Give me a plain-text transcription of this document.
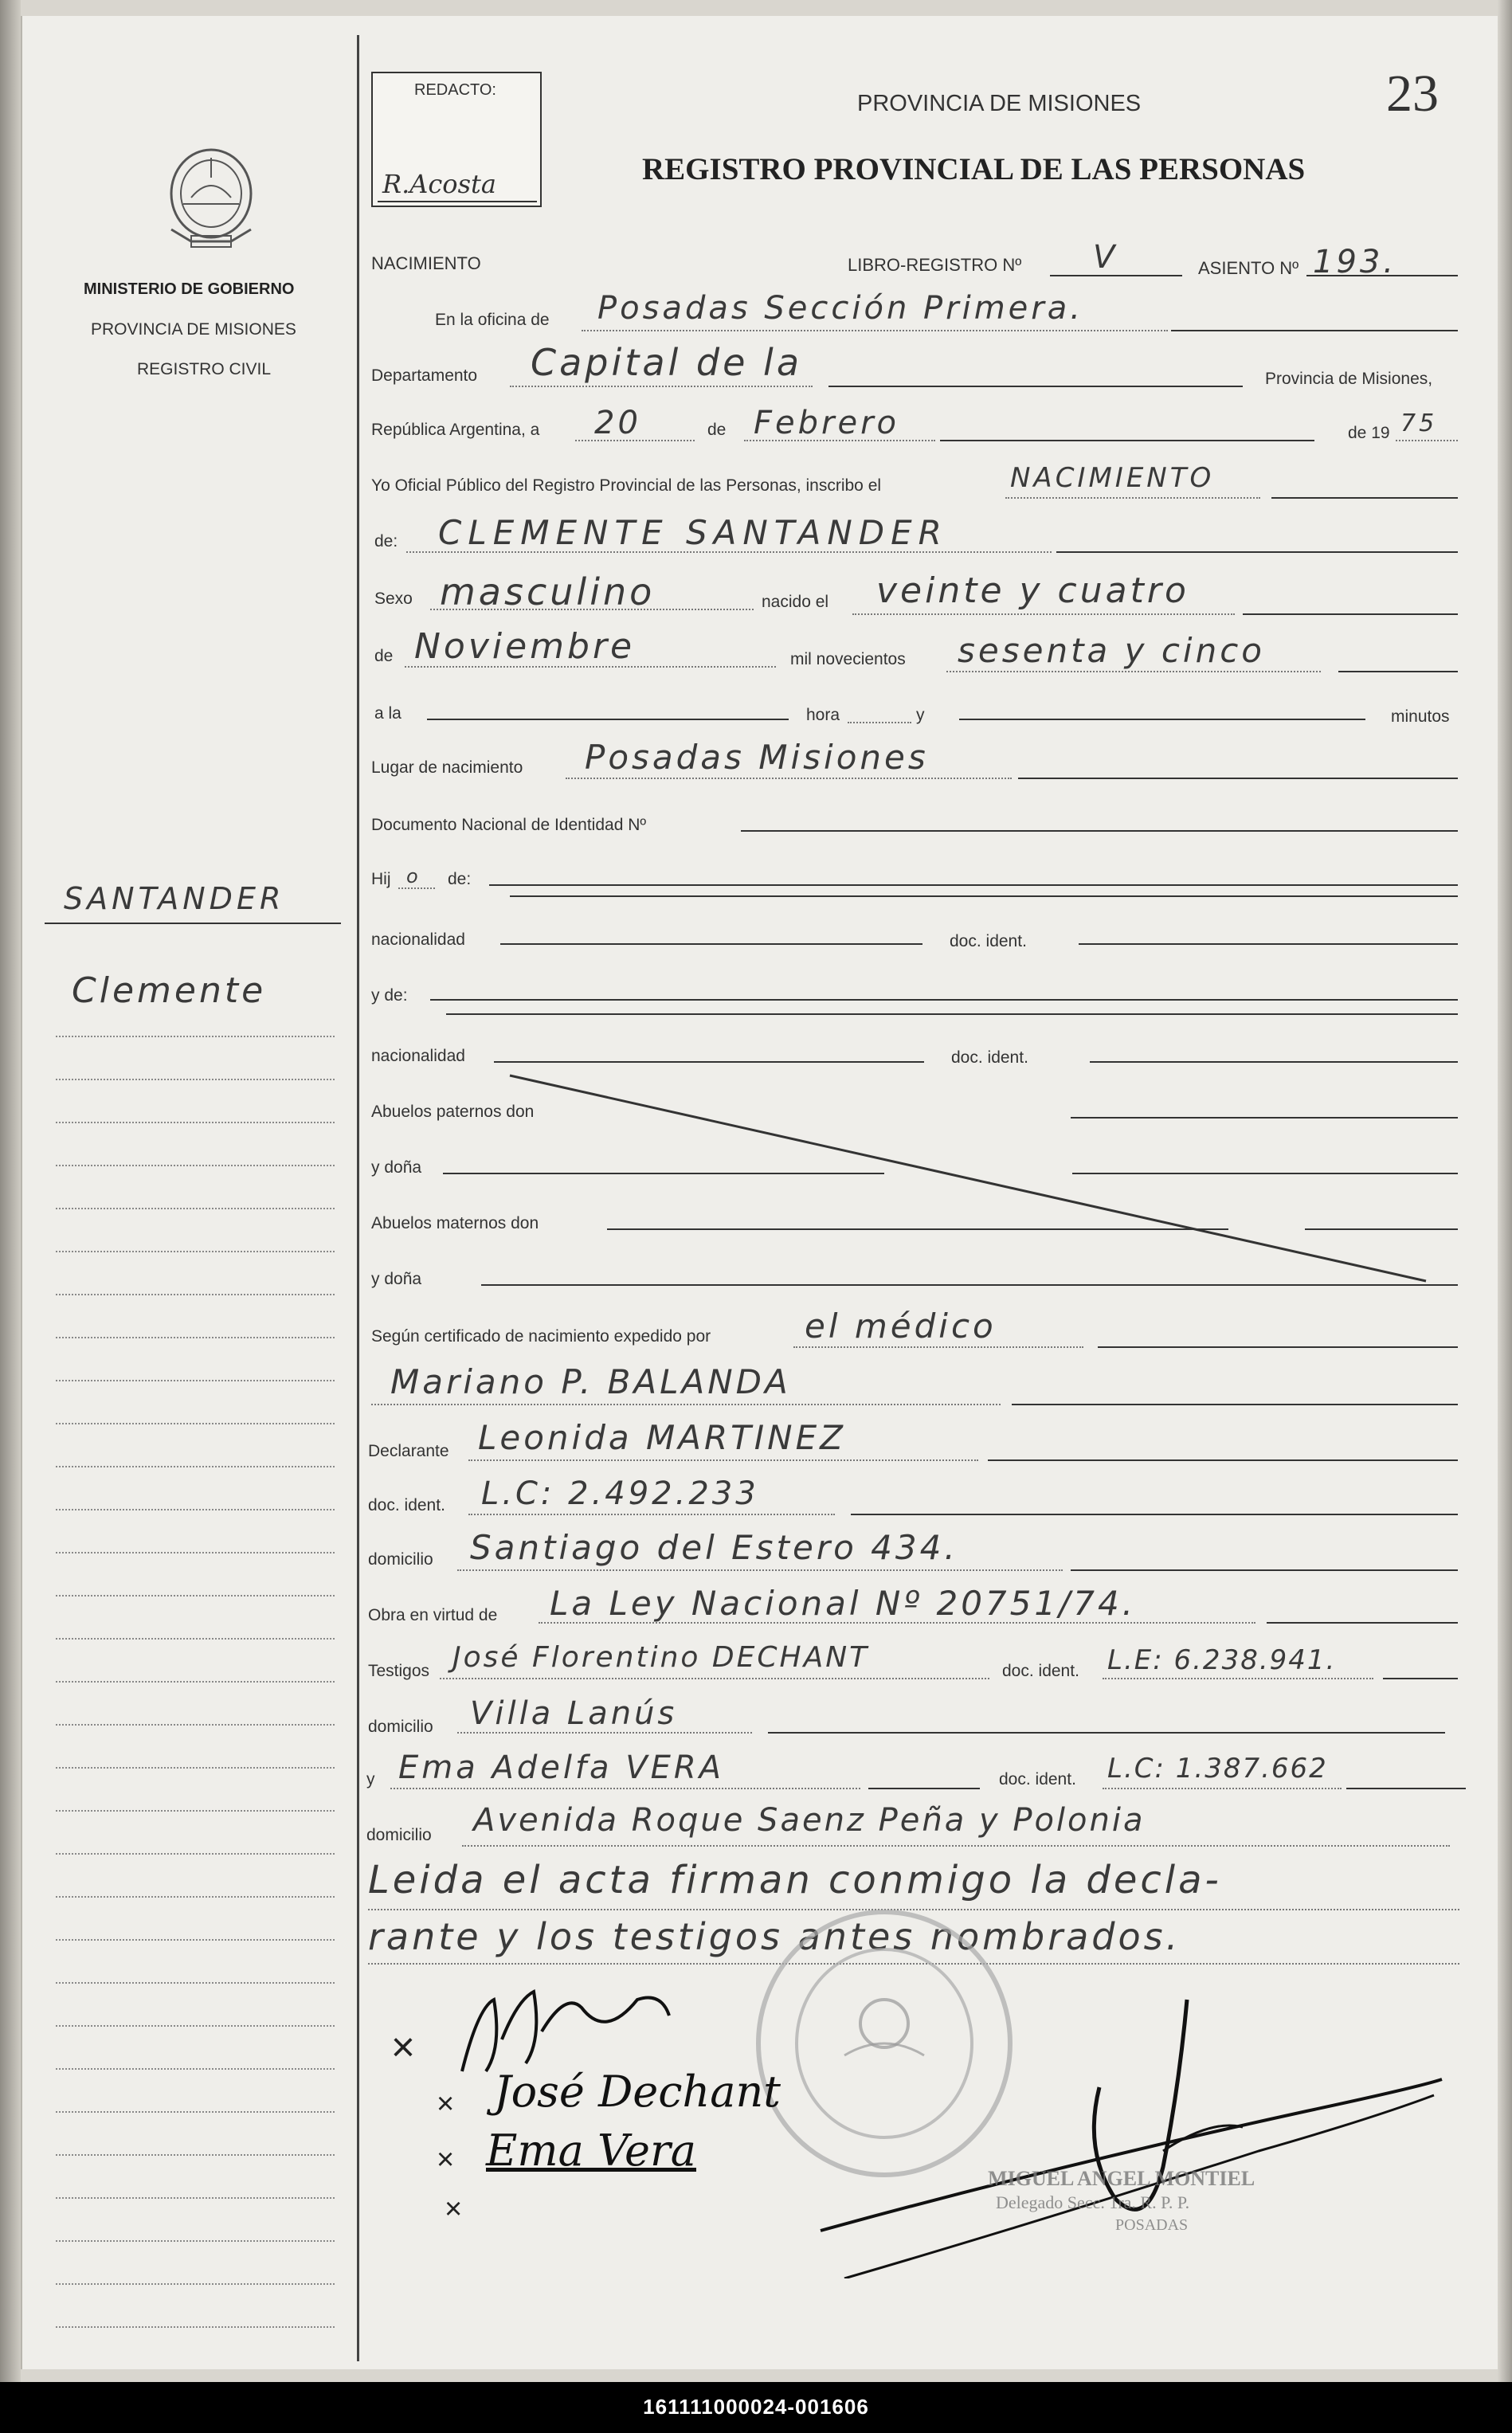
MINISTERIO DE GOBIERNO
PROVINCIA DE MISIONES
REGISTRO CIVIL
REDACTO:
R.Acosta
PROVINCIA DE MISIONES
REGISTRO PROVINCIAL DE LAS PERSONAS
23
SANTANDER
Clemente
NACIMIENTO	LIBRO-REGISTRO Nº V	ASIENTO Nº 193.
En la oficina de Posadas Sección Primera.
Departamento Capital de la	Provincia de Misiones,
República Argentina, a 20	de Febrero	de 19 75
Yo Oficial Público del Registro Provincial de las Personas, inscribo el	NACIMIENTO
de: CLEMENTE SANTANDER
Sexo masculino	nacido el veinte y cuatro
de Noviembre	mil novecientos sesenta y cinco
a la	hora	y	minutos
Lugar de nacimiento Posadas Misiones
Documento Nacional de Identidad Nº
Hij o de:
nacionalidad	doc. ident.
y de:
nacionalidad	doc. ident.
Abuelos paternos don
y doña
Abuelos maternos don
y doña
Según certificado de nacimiento expedido por	el médico
Mariano P. BALANDA
Declarante Leonida MARTINEZ
doc. ident. L.C: 2.492.233
domicilio Santiago del Estero 434.
Obra en virtud de La Ley Nacional Nº 20751/74.
Testigos José Florentino DECHANT	doc. ident. L.E: 6.238.941.
domicilio Villa Lanús
y Ema Adelfa VERA	doc. ident. L.C: 1.387.662
domicilio Avenida Roque Saenz Peña y Polonia
Leida el acta firman conmigo la decla-
rante y los testigos antes nombrados.
×
× José Dechant
× Ema Vera
×
MIGUEL ANGEL MONTIEL
Delegado Secc. 1ra. R. P. P.
POSADAS
161111000024-001606
